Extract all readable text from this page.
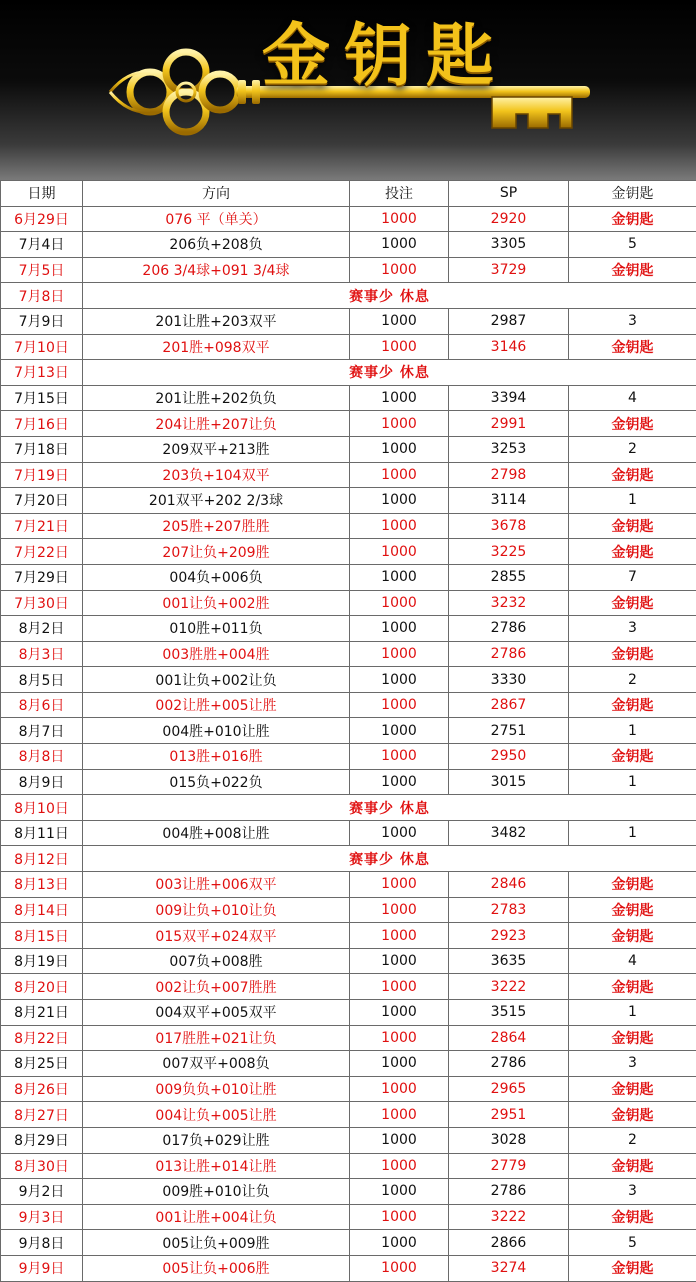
金钥匙
日期	方向	投注	SP	金钥匙
6月29日	076 平（单关）	1000	2920	金钥匙
7月4日	206负+208负	1000	3305	5
7月5日	206 3/4球+091 3/4球	1000	3729	金钥匙
7月8日	赛事少 休息			
7月9日	201让胜+203双平	1000	2987	3
7月10日	201胜+098双平	1000	3146	金钥匙
7月13日	赛事少 休息			
7月15日	201让胜+202负负	1000	3394	4
7月16日	204让胜+207让负	1000	2991	金钥匙
7月18日	209双平+213胜	1000	3253	2
7月19日	203负+104双平	1000	2798	金钥匙
7月20日	201双平+202 2/3球	1000	3114	1
7月21日	205胜+207胜胜	1000	3678	金钥匙
7月22日	207让负+209胜	1000	3225	金钥匙
7月29日	004负+006负	1000	2855	7
7月30日	001让负+002胜	1000	3232	金钥匙
8月2日	010胜+011负	1000	2786	3
8月3日	003胜胜+004胜	1000	2786	金钥匙
8月5日	001让负+002让负	1000	3330	2
8月6日	002让胜+005让胜	1000	2867	金钥匙
8月7日	004胜+010让胜	1000	2751	1
8月8日	013胜+016胜	1000	2950	金钥匙
8月9日	015负+022负	1000	3015	1
8月10日	赛事少 休息			
8月11日	004胜+008让胜	1000	3482	1
8月12日	赛事少 休息			
8月13日	003让胜+006双平	1000	2846	金钥匙
8月14日	009让负+010让负	1000	2783	金钥匙
8月15日	015双平+024双平	1000	2923	金钥匙
8月19日	007负+008胜	1000	3635	4
8月20日	002让负+007胜胜	1000	3222	金钥匙
8月21日	004双平+005双平	1000	3515	1
8月22日	017胜胜+021让负	1000	2864	金钥匙
8月25日	007双平+008负	1000	2786	3
8月26日	009负负+010让胜	1000	2965	金钥匙
8月27日	004让负+005让胜	1000	2951	金钥匙
8月29日	017负+029让胜	1000	3028	2
8月30日	013让胜+014让胜	1000	2779	金钥匙
9月2日	009胜+010让负	1000	2786	3
9月3日	001让胜+004让负	1000	3222	金钥匙
9月8日	005让负+009胜	1000	2866	5
9月9日	005让负+006胜	1000	3274	金钥匙
